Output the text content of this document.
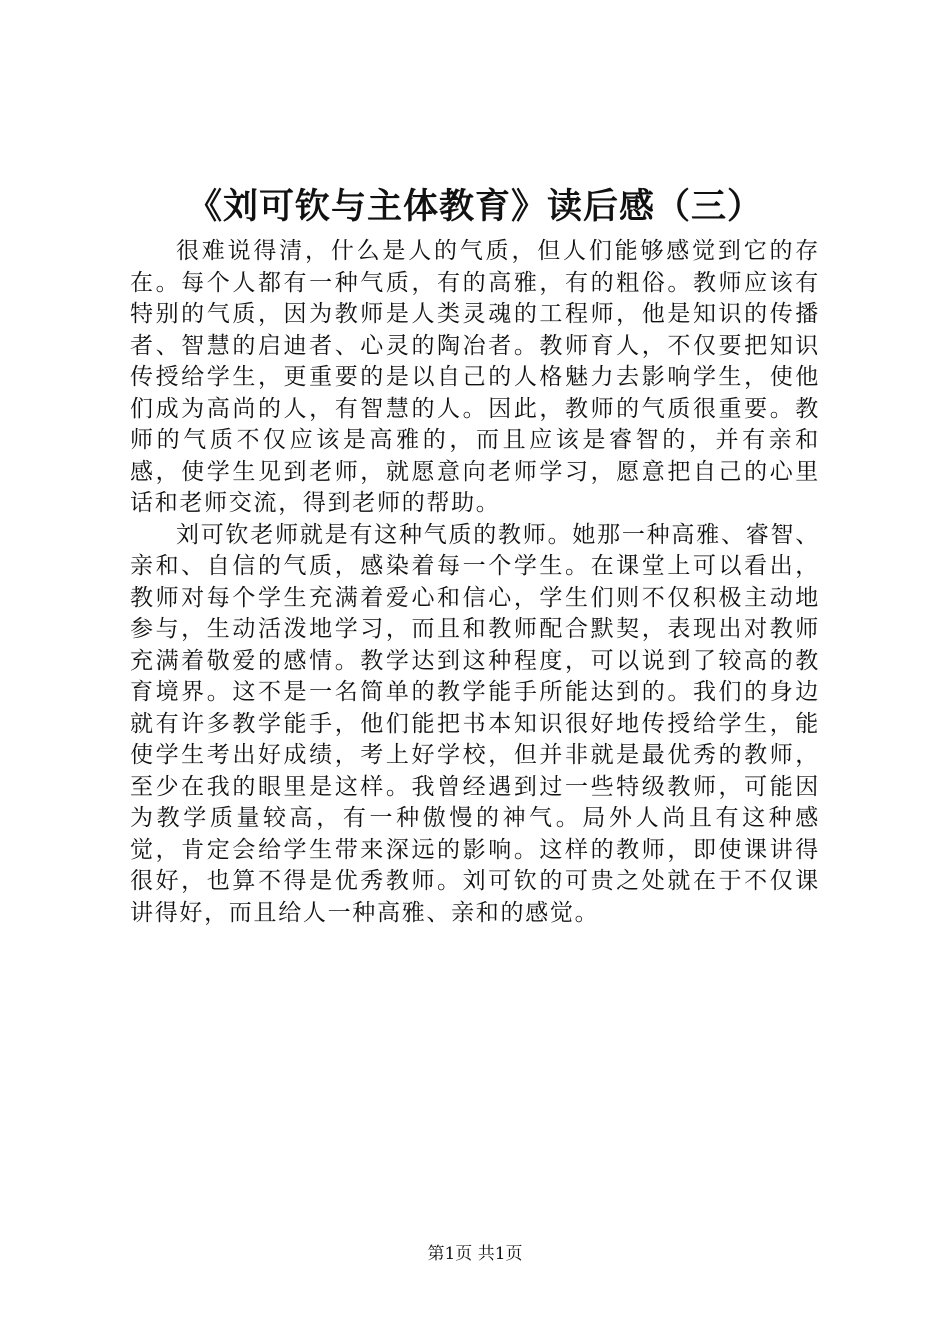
《刘可钦与主体教育》读后感（三）

很难说得清，什么是人的气质，但人们能够感觉到它的存在。每个人都有一种气质，有的高雅，有的粗俗。教师应该有特别的气质，因为教师是人类灵魂的工程师，他是知识的传播者、智慧的启迪者、心灵的陶冶者。教师育人，不仅要把知识传授给学生，更重要的是以自己的人格魅力去影响学生，使他们成为高尚的人，有智慧的人。因此，教师的气质很重要。教师的气质不仅应该是高雅的，而且应该是睿智的，并有亲和感，使学生见到老师，就愿意向老师学习，愿意把自己的心里话和老师交流，得到老师的帮助。

刘可钦老师就是有这种气质的教师。她那一种高雅、睿智、亲和、自信的气质，感染着每一个学生。在课堂上可以看出，教师对每个学生充满着爱心和信心，学生们则不仅积极主动地参与，生动活泼地学习，而且和教师配合默契，表现出对教师充满着敬爱的感情。教学达到这种程度，可以说到了较高的教育境界。这不是一名简单的教学能手所能达到的。我们的身边就有许多教学能手，他们能把书本知识很好地传授给学生，能使学生考出好成绩，考上好学校，但并非就是最优秀的教师，至少在我的眼里是这样。我曾经遇到过一些特级教师，可能因为教学质量较高，有一种傲慢的神气。局外人尚且有这种感觉，肯定会给学生带来深远的影响。这样的教师，即使课讲得很好，也算不得是优秀教师。刘可钦的可贵之处就在于不仅课讲得好，而且给人一种高雅、亲和的感觉。

第1页 共1页
